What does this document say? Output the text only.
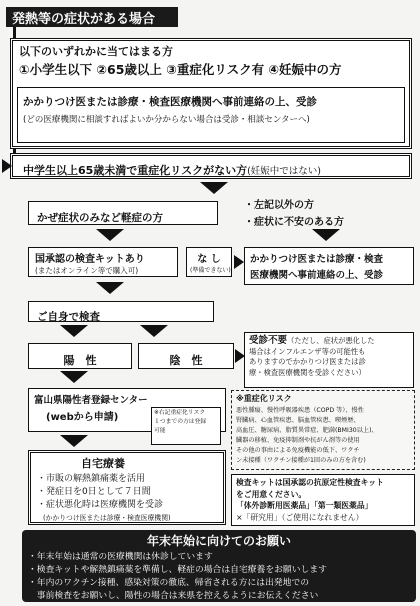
発熱等の症状がある場合
以下のいずれかに当てはまる方
①小学生以下 ②65歳以上 ③重症化リスク有 ④妊娠中の方
かかりつけ医または診療・検査医療機関へ事前連絡の上、受診
(どの医療機関に相談すればよいか分からない場合は受診・相談センターへ)
中学生以上65歳未満で重症化リスクがない方(妊娠中ではない)
かぜ症状のみなど軽症の方
・左記以外の方
・症状に不安のある方
国承認の検査キットあり
(またはオンライン等で購入可)
な し
(準備できない)
かかりつけ医または診療・検査
医療機関へ事前連絡の上、受診
ご自身で検査
陽　性	陰　性
受診不要（ただし、症状が悪化した
場合はインフルエンザ等の可能性も
ありますのでかかりつけ医または診
療・検査医療機関を受診ください）
富山県陽性者登録センター
(webから申請)	※右記重症化リスク
１つまでの方は登録
可能
※重症化リスク
悪性腫瘍、慢性呼吸器疾患（COPD 等）、慢性
腎臓病、心血管疾患、脳血管疾患、喫煙歴、
高血圧、糖尿病、脂質異常症、肥満(BMI30以上)、
臓器の移植、免疫抑制剤や抗がん剤等の使用
その他の事由による免疫機能の低下、ワクチ
ン未接種（ワクチン接種が1回のみの方を含む)
自宅療養
・市販の解熱鎮痛薬を活用
・発症日を0日として７日間
・症状悪化時は医療機関を受診
(かかりつけ医または診療・検査医療機関)
検査キットは国承認の抗原定性検査キット
をご用意ください。
「体外診断用医薬品」「第一類医薬品」
×「研究用」（ご使用になれません）
年末年始に向けてのお願い
・年末年始は通常の医療機関は休診しています
・検査キットや解熱鎮痛薬を準備し、軽症の場合は自宅療養をお願いします
・年内のワクチン接種、感染対策の徹底、帰省される方には出発地での
　事前検査をお願いし、陽性の場合は来県を控えるようにお伝えください
